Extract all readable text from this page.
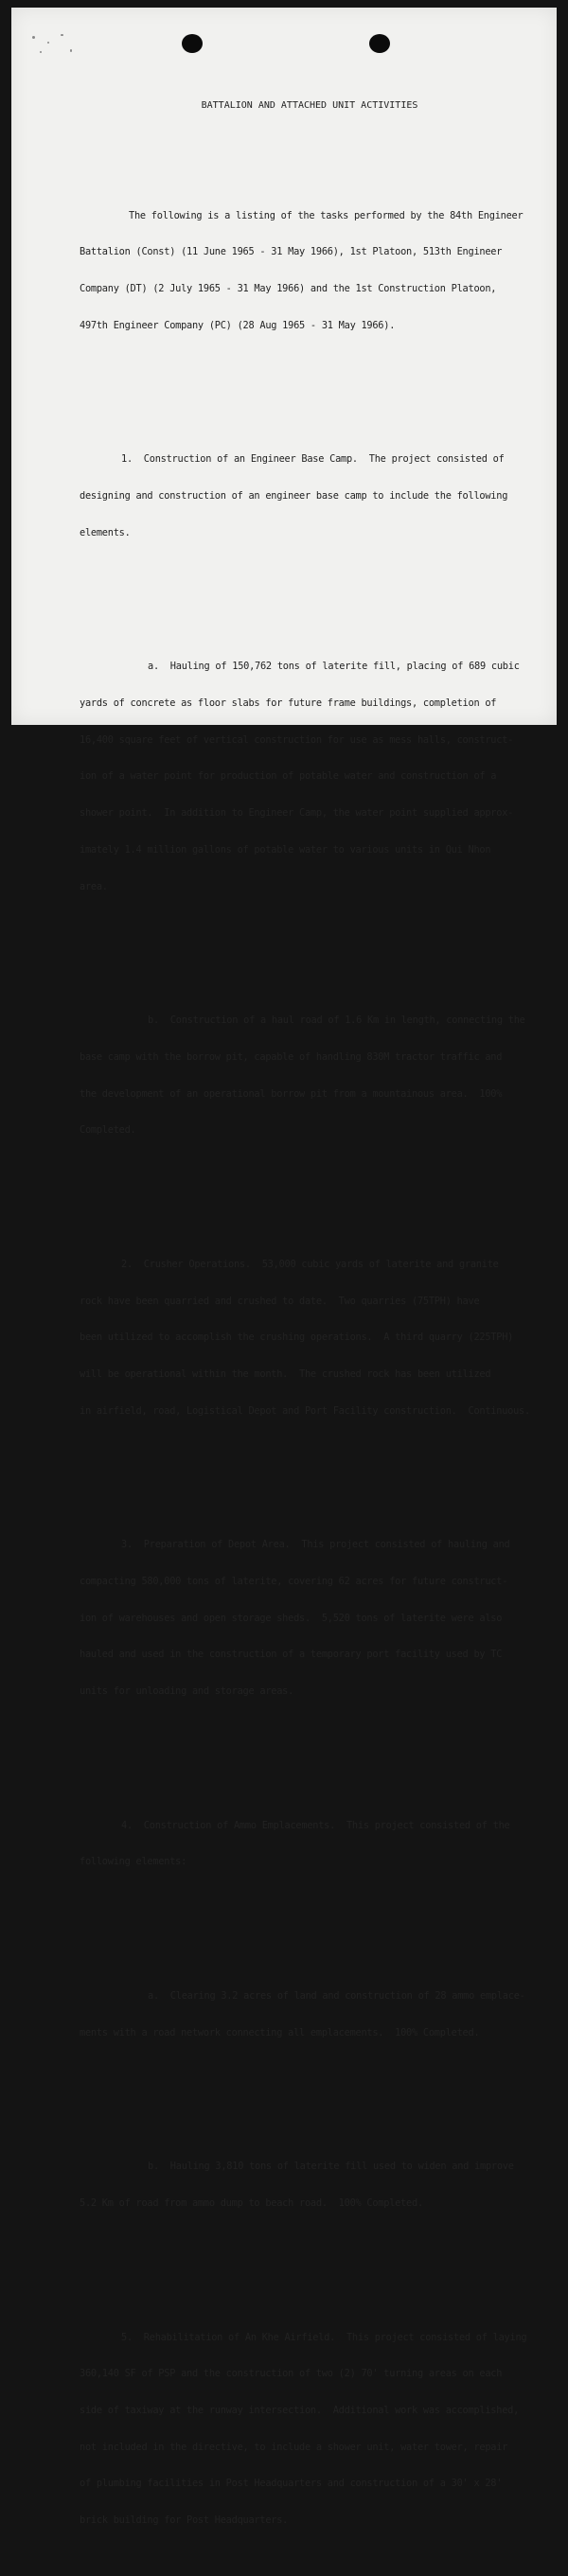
BATTALION AND ATTACHED UNIT ACTIVITIES

The following is a listing of the tasks performed by the 84th Engineer

Battalion (Const) (11 June 1965 - 31 May 1966), 1st Platoon, 513th Engineer

Company (DT) (2 July 1965 - 31 May 1966) and the 1st Construction Platoon,

497th Engineer Company (PC) (28 Aug 1965 - 31 May 1966).

1.  Construction of an Engineer Base Camp.  The project consisted of

designing and construction of an engineer base camp to include the following

elements.

a.  Hauling of 150,762 tons of laterite fill, placing of 689 cubic

yards of concrete as floor slabs for future frame buildings, completion of

16,400 square feet of vertical construction for use as mess halls, construct-

ion of a water point for production of potable water and construction of a

shower point.  In addition to Engineer Camp, the water point supplied approx-

imately 1.4 million gallons of potable water to various units in Qui Nhon

area.

b.  Construction of a haul road of 1.6 Km in length, connecting the

base camp with the borrow pit, capable of handling 830M tractor traffic and

the development of an operational borrow pit from a mountainous area.  100%

Completed.

2.  Crusher Operations.  53,000 cubic yards of laterite and granite

rock have been quarried and crushed to date.  Two quarries (75TPH) have

been utilized to accomplish the crushing operations.  A third quarry (225TPH)

will be operational within the month.  The crushed rock has been utilized

in airfield, road, Logistical Depot and Port Facility construction.  Continuous.

3.  Preparation of Depot Area.  This project consisted of hauling and

compacting 580,000 tons of laterite, covering 62 acres for future construct-

ion of warehouses and open storage sheds.  5,520 tons of laterite were also

hauled and used in the construction of a temporary port facility used by TC

units for unloading and storage areas.

4.  Construction of Ammo Emplacements.  This project consisted of the

following elements:

a.  Clearing 3.2 acres of land and construction of 28 ammo emplace-

ments with a road network connecting all emplacements.  100% Completed.

b.  Hauling 3,810 tons of laterite fill used to widen and improve

5.2 Km of road from ammo dump to beach road.  100% Completed.

5.  Rehabilitation of An Khe Airfield.  This project consisted of laying

360,140 SF of PSP and the construction of two (2) 70' turning areas on each

side of taxiway at the runway intersection.  Additional work was accomplished,

not included in the directive, to include a shower unit, water tower, repair

of plumbing facilities in Post Headquarters and construction of a 30' x 28'

brick building for Post Headquarters.
